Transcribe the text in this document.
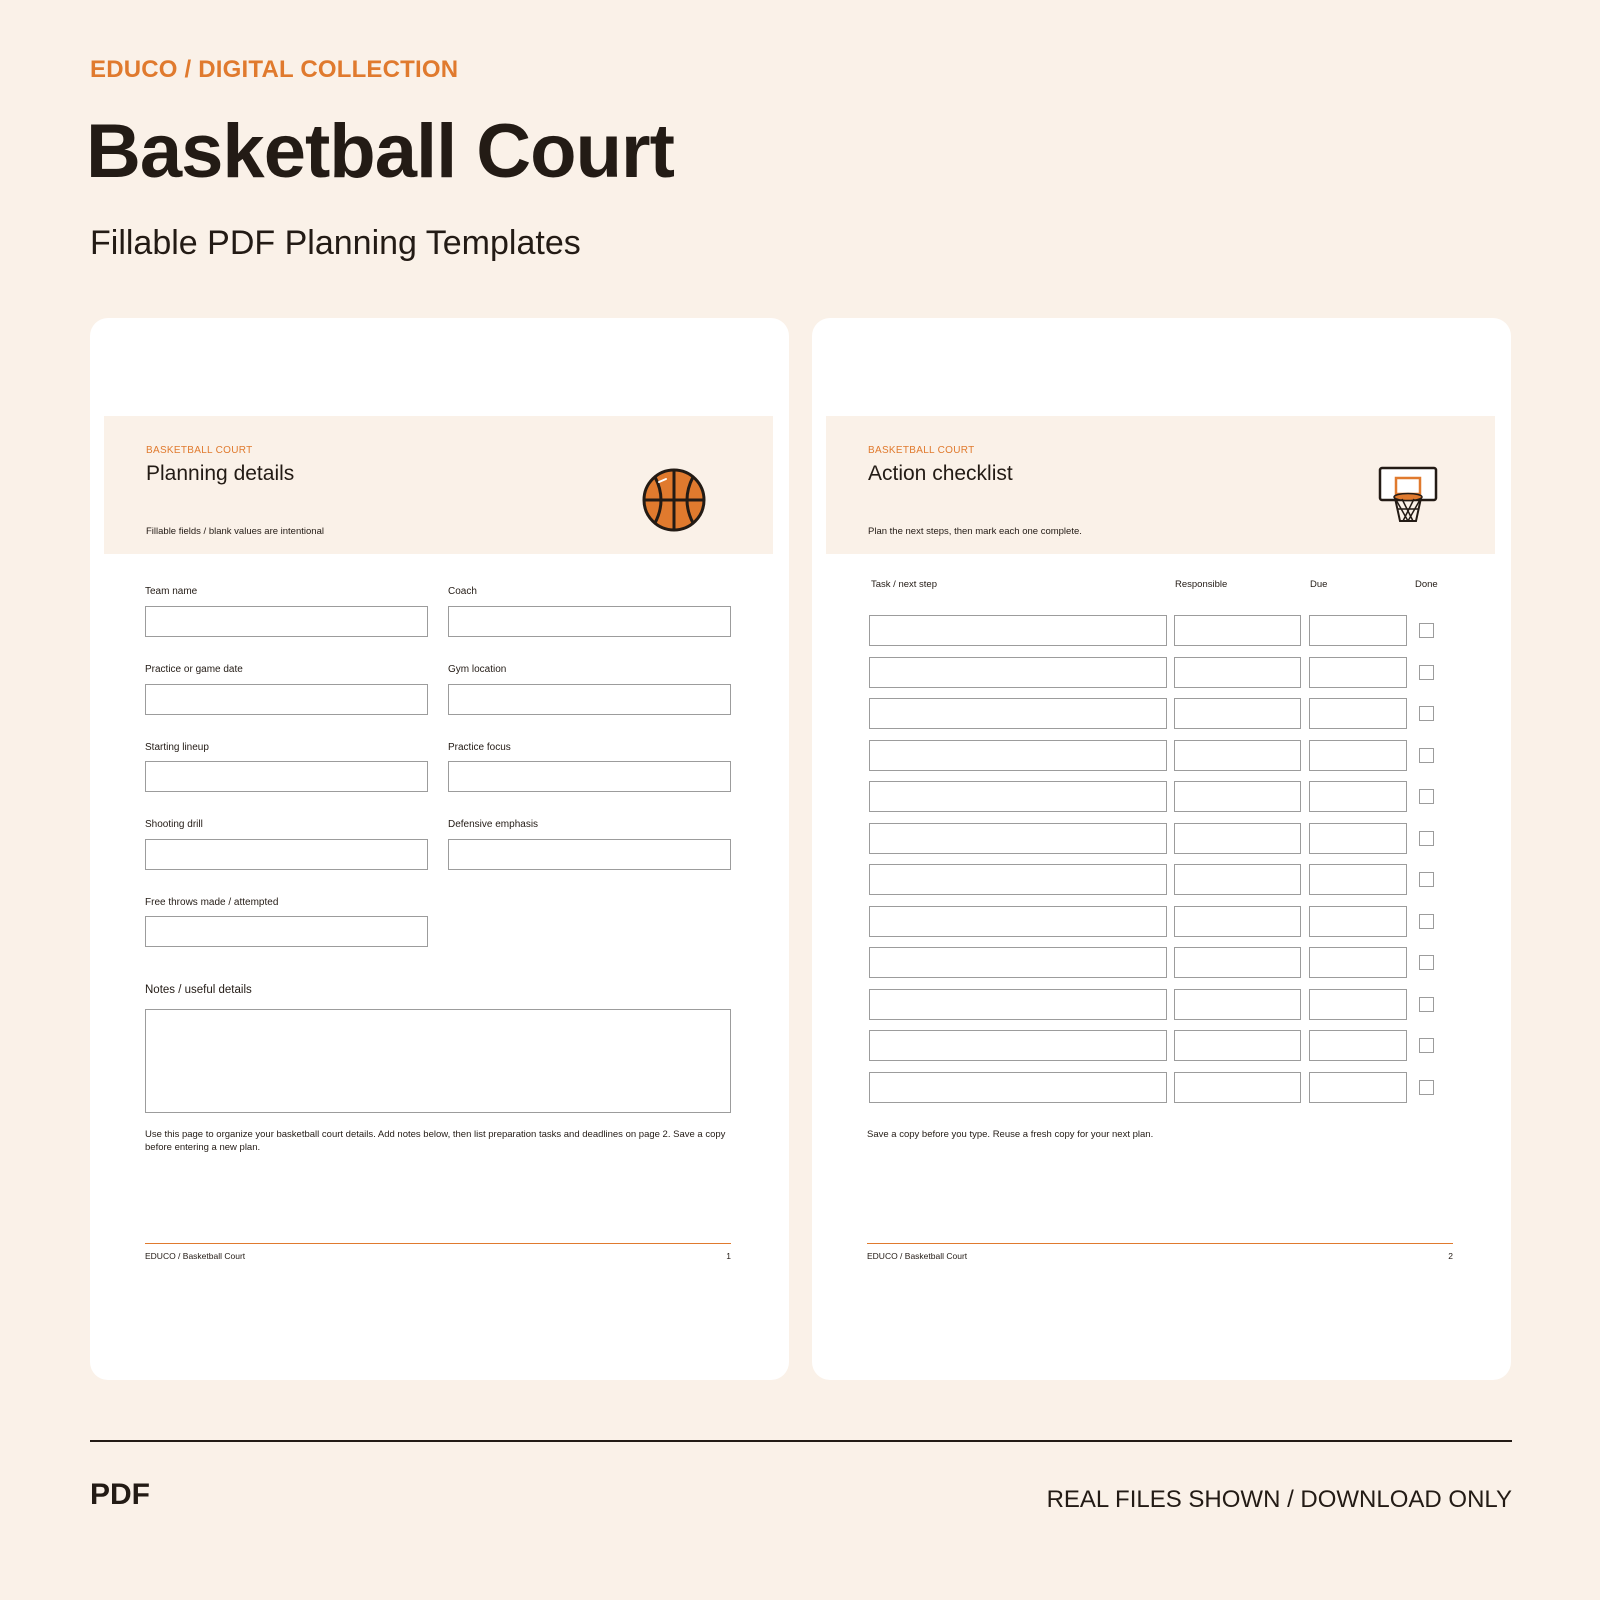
EDUCO / DIGITAL COLLECTION
Basketball Court
Fillable PDF Planning Templates
BASKETBALL COURT
Planning details
Fillable fields / blank values are intentional
Team name	Coach
Practice or game date	Gym location
Starting lineup	Practice focus
Shooting drill	Defensive emphasis
Free throws made / attempted
Notes / useful details
Use this page to organize your basketball court details. Add notes below, then list preparation tasks and deadlines on page 2. Save a copy before entering a new plan.
EDUCO / Basketball Court	1
BASKETBALL COURT
Action checklist
Plan the next steps, then mark each one complete.
Task / next step	Responsible	Due	Done
Save a copy before you type. Reuse a fresh copy for your next plan.
EDUCO / Basketball Court	2
PDF	REAL FILES SHOWN / DOWNLOAD ONLY
